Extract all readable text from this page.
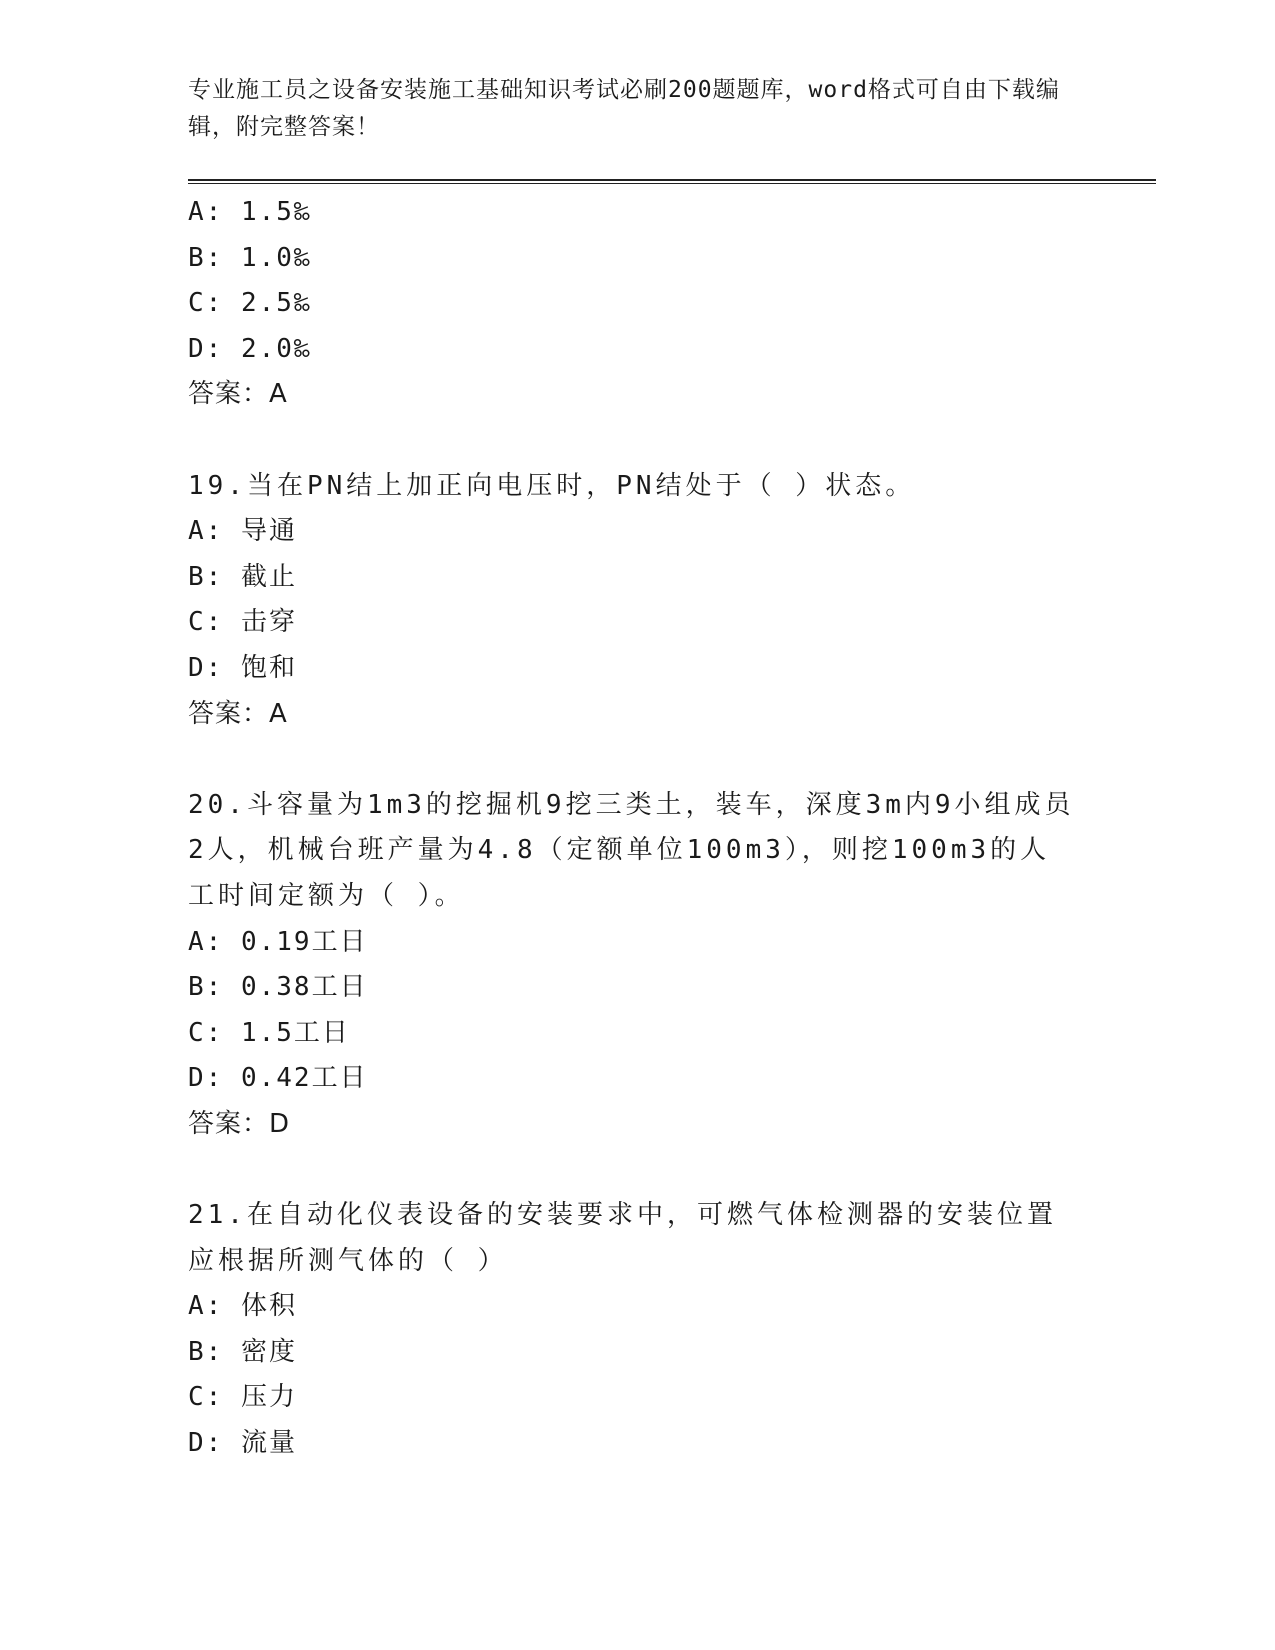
专业施工员之设备安装施工基础知识考试必刷200题题库，word格式可自由下载编辑，附完整答案！
A: 1.5‰
B: 1.0‰
C: 2.5‰
D: 2.0‰
答案：A
19.当在PN结上加正向电压时，PN结处于（ ）状态。
A: 导通
B: 截止
C: 击穿
D: 饱和
答案：A
20.斗容量为1m3的挖掘机9挖三类土，装车，深度3m内9小组成员2人，机械台班产量为4.8（定额单位100m3），则挖100m3的人工时间定额为（ ）。
A: 0.19工日
B: 0.38工日
C: 1.5工日
D: 0.42工日
答案：D
21.在自动化仪表设备的安装要求中，可燃气体检测器的安装位置应根据所测气体的（ ）
A: 体积
B: 密度
C: 压力
D: 流量
